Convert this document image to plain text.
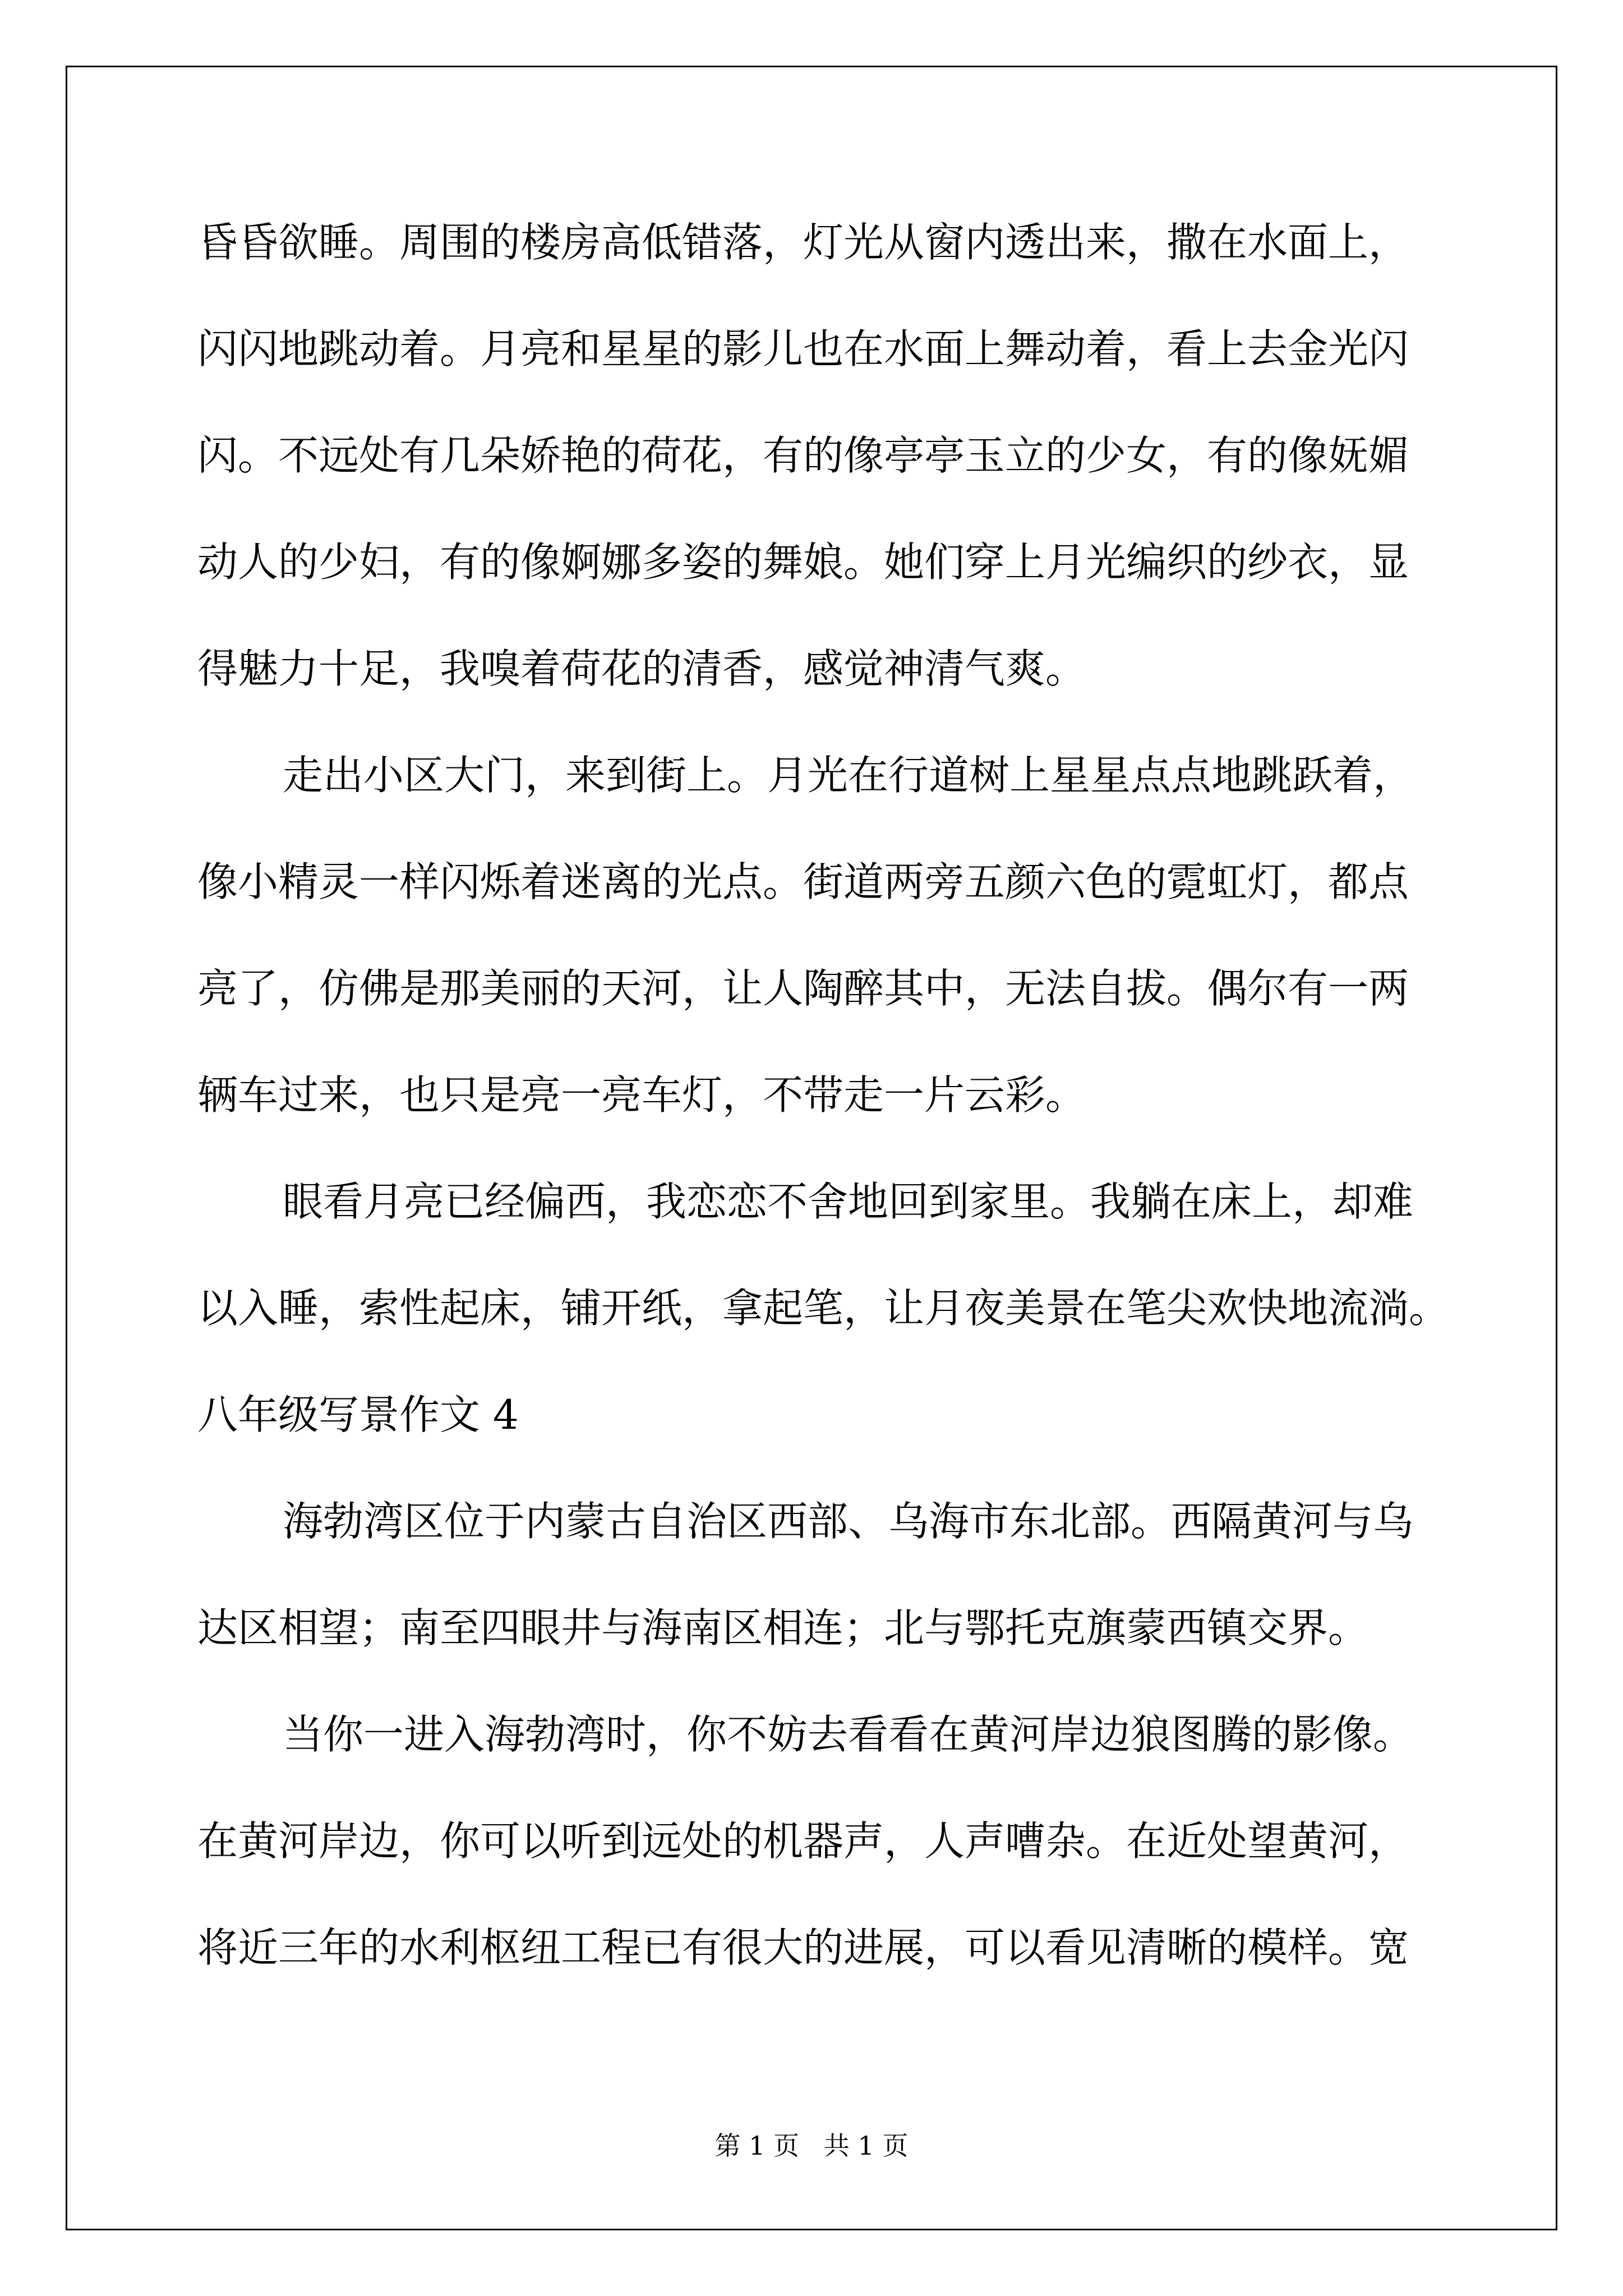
昏昏欲睡。周围的楼房高低错落，灯光从窗内透出来，撒在水面上，
闪闪地跳动着。月亮和星星的影儿也在水面上舞动着，看上去金光闪
闪。不远处有几朵娇艳的荷花，有的像亭亭玉立的少女，有的像妩媚
动人的少妇，有的像婀娜多姿的舞娘。她们穿上月光编织的纱衣，显
得魅力十足，我嗅着荷花的清香，感觉神清气爽。
走出小区大门，来到街上。月光在行道树上星星点点地跳跃着，
像小精灵一样闪烁着迷离的光点。街道两旁五颜六色的霓虹灯，都点
亮了，仿佛是那美丽的天河，让人陶醉其中，无法自拔。偶尔有一两
辆车过来，也只是亮一亮车灯，不带走一片云彩。
眼看月亮已经偏西，我恋恋不舍地回到家里。我躺在床上，却难
以入睡，索性起床，铺开纸，拿起笔，让月夜美景在笔尖欢快地流淌。
八年级写景作文 4
海勃湾区位于内蒙古自治区西部、乌海市东北部。西隔黄河与乌
达区相望；南至四眼井与海南区相连；北与鄂托克旗蒙西镇交界。
当你一进入海勃湾时，你不妨去看看在黄河岸边狼图腾的影像。
在黄河岸边，你可以听到远处的机器声，人声嘈杂。在近处望黄河，
将近三年的水利枢纽工程已有很大的进展，可以看见清晰的模样。宽
第 1 页   共 1 页
